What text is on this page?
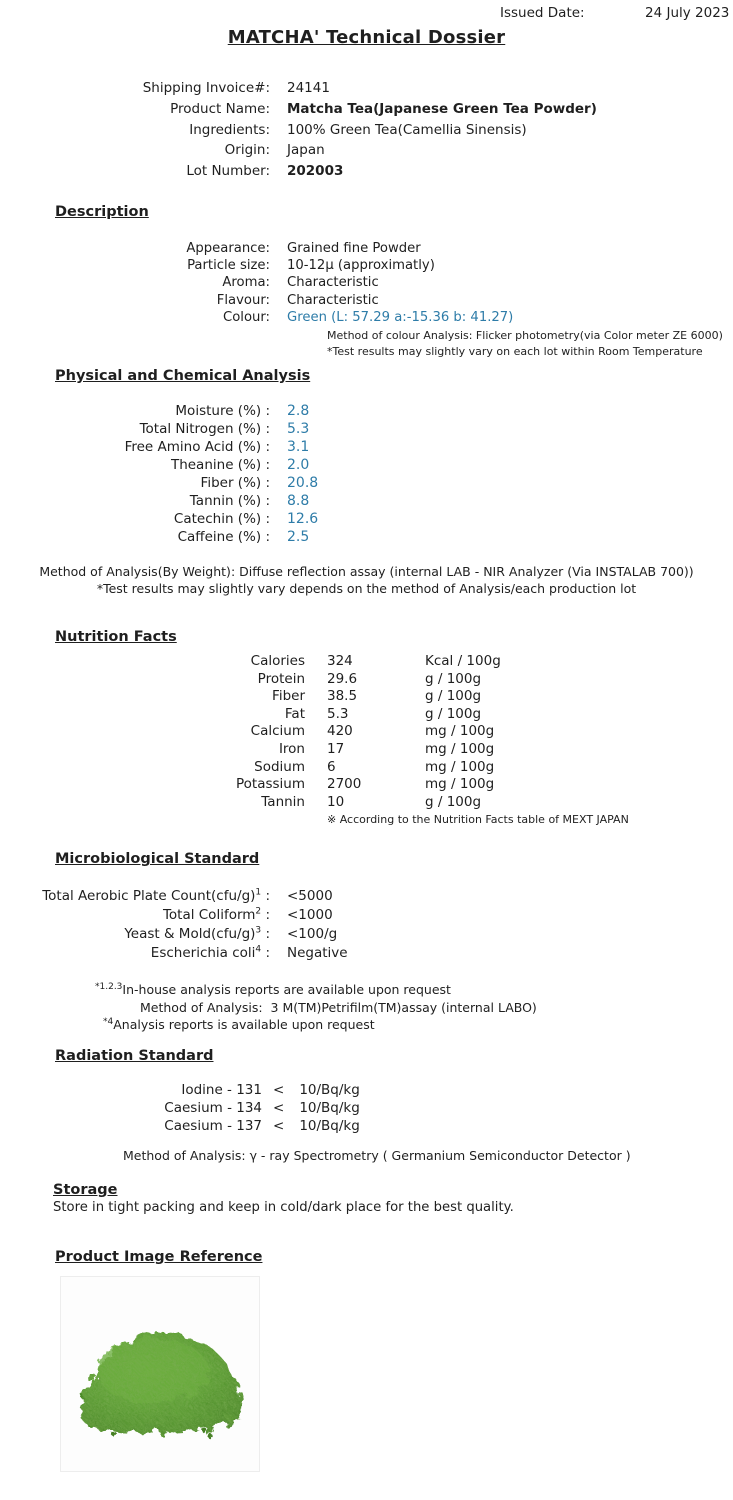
Issued Date:	24 July 2023
MATCHA' Technical Dossier
Shipping Invoice#: 24141
Product Name: Matcha Tea(Japanese Green Tea Powder)
Ingredients: 100% Green Tea(Camellia Sinensis)
Origin: Japan
Lot Number: 202003
Description
Appearance: Grained fine Powder
Particle size: 10-12µ (approximatly)
Aroma: Characteristic
Flavour: Characteristic
Colour: Green (L: 57.29 a:-15.36 b: 41.27)
Method of colour Analysis: Flicker photometry(via Color meter ZE 6000)
*Test results may slightly vary on each lot within Room Temperature
Physical and Chemical Analysis
Moisture (%) : 2.8
Total Nitrogen (%) : 5.3
Free Amino Acid (%) : 3.1
Theanine (%) : 2.0
Fiber (%) : 20.8
Tannin (%) : 8.8
Catechin (%) : 12.6
Caffeine (%) : 2.5
Method of Analysis(By Weight): Diffuse reflection assay (internal LAB - NIR Analyzer (Via INSTALAB 700))
*Test results may slightly vary depends on the method of Analysis/each production lot
Nutrition Facts
Calories 324	Kcal / 100g
Protein 29.6	g / 100g
Fiber 38.5	g / 100g
Fat 5.3	g / 100g
Calcium 420	mg / 100g
Iron 17	mg / 100g
Sodium 6	mg / 100g
Potassium 2700	mg / 100g
Tannin 10	g / 100g
※ According to the Nutrition Facts table of MEXT JAPAN
Microbiological Standard
Total Aerobic Plate $Count(cfu/g)^1$ : <5000
Total Coliform$^2$ : <1000
Yeast & $Mold(cfu/g)^3$ : <100/g
Escherichia coli$^4$ : Negative
$^{*1.2.3}$In-house analysis reports are available upon request
Method of Analysis:  3 M(TM)Petrifilm(TM)assay (internal LABO)
$^{*4}$Analysis reports is available upon request
Radiation Standard
Iodine - 131 < 10/Bq/kg
Caesium - 134 < 10/Bq/kg
Caesium - 137 < 10/Bq/kg
Method of Analysis: γ - ray Spectrometry ( Germanium Semiconductor Detector )
Storage
Store in tight packing and keep in cold/dark place for the best quality.
Product Image Reference
